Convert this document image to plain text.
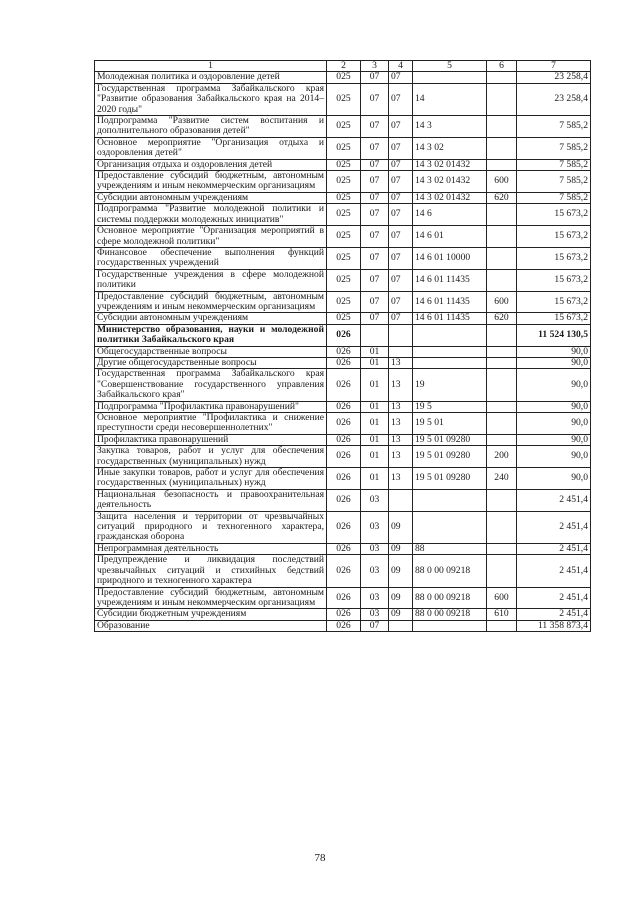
1	2	3	4	5	6	7
Молодежная политика и оздоровление детей	025	07	07			23 258,4
Государственная программа Забайкальского края "Развитие образования Забайкальского края на 2014–2020 годы"	025	07	07	14		23 258,4
Подпрограмма "Развитие систем воспитания и дополнительного образования детей"	025	07	07	14 3		7 585,2
Основное мероприятие "Организация отдыха и оздоровления детей"	025	07	07	14 3 02		7 585,2
Организация отдыха и оздоровления детей	025	07	07	14 3 02 01432		7 585,2
Предоставление субсидий бюджетным, автономным учреждениям и иным некоммерческим организациям	025	07	07	14 3 02 01432	600	7 585,2
Субсидии автономным учреждениям	025	07	07	14 3 02 01432	620	7 585,2
Подпрограмма "Развитие молодежной политики и системы поддержки молодежных инициатив"	025	07	07	14 6		15 673,2
Основное мероприятие "Организация мероприятий в сфере молодежной политики"	025	07	07	14 6 01		15 673,2
Финансовое обеспечение выполнения функций государственных учреждений	025	07	07	14 6 01 10000		15 673,2
Государственные учреждения в сфере молодежной политики	025	07	07	14 6 01 11435		15 673,2
Предоставление субсидий бюджетным, автономным учреждениям и иным некоммерческим организациям	025	07	07	14 6 01 11435	600	15 673,2
Субсидии автономным учреждениям	025	07	07	14 6 01 11435	620	15 673,2
Министерство образования, науки и молодежной политики Забайкальского края	026					11 524 130,5
Общегосударственные вопросы	026	01				90,0
Другие общегосударственные вопросы	026	01	13			90,0
Государственная программа Забайкальского края "Совершенствование государственного управления Забайкальского края"	026	01	13	19		90,0
Подпрограмма "Профилактика правонарушений"	026	01	13	19 5		90,0
Основное мероприятие "Профилактика и снижение преступности среди несовершеннолетних"	026	01	13	19 5 01		90,0
Профилактика правонарушений	026	01	13	19 5 01 09280		90,0
Закупка товаров, работ и услуг для обеспечения государственных (муниципальных) нужд	026	01	13	19 5 01 09280	200	90,0
Иные закупки товаров, работ и услуг для обеспечения государственных (муниципальных) нужд	026	01	13	19 5 01 09280	240	90,0
Национальная безопасность и правоохранительная деятельность	026	03				2 451,4
Защита населения и территории от чрезвычайных ситуаций природного и техногенного характера, гражданская оборона	026	03	09			2 451,4
Непрограммная деятельность	026	03	09	88		2 451,4
Предупреждение и ликвидация последствий чрезвычайных ситуаций и стихийных бедствий природного и техногенного характера	026	03	09	88 0 00 09218		2 451,4
Предоставление субсидий бюджетным, автономным учреждениям и иным некоммерческим организациям	026	03	09	88 0 00 09218	600	2 451,4
Субсидии бюджетным учреждениям	026	03	09	88 0 00 09218	610	2 451,4
Образование	026	07				11 358 873,4
78
